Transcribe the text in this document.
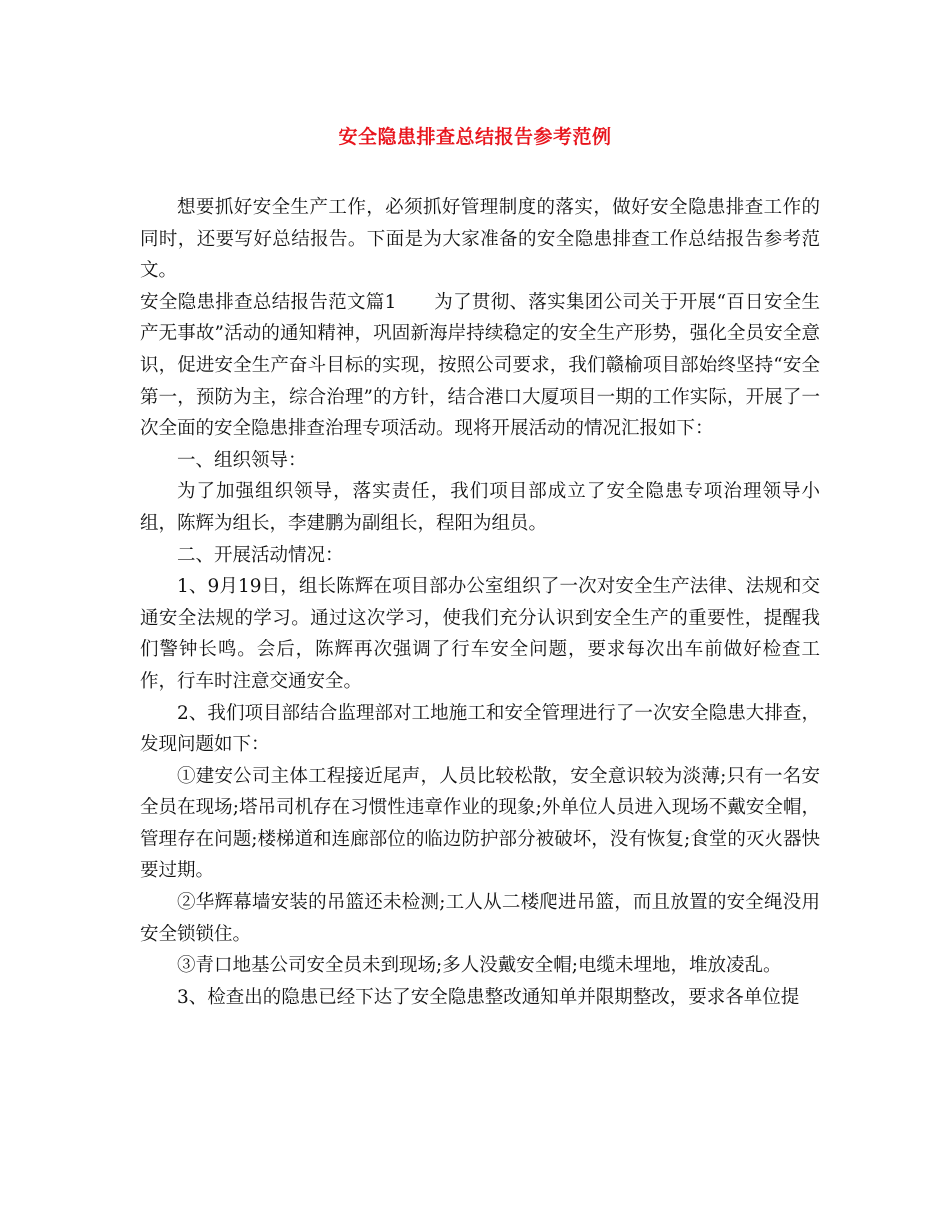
安全隐患排查总结报告参考范例

想要抓好安全生产工作，必须抓好管理制度的落实，做好安全隐患排查工作的同时，还要写好总结报告。下面是为大家准备的安全隐患排查工作总结报告参考范文。

安全隐患排查总结报告范文篇1　　为了贯彻、落实集团公司关于开展“百日安全生产无事故”活动的通知精神，巩固新海岸持续稳定的安全生产形势，强化全员安全意识，促进安全生产奋斗目标的实现，按照公司要求，我们赣榆项目部始终坚持“安全第一，预防为主，综合治理”的方针，结合港口大厦项目一期的工作实际，开展了一次全面的安全隐患排查治理专项活动。现将开展活动的情况汇报如下：

一、组织领导：

为了加强组织领导，落实责任，我们项目部成立了安全隐患专项治理领导小组，陈辉为组长，李建鹏为副组长，程阳为组员。

二、开展活动情况：

1、9月19日，组长陈辉在项目部办公室组织了一次对安全生产法律、法规和交通安全法规的学习。通过这次学习，使我们充分认识到安全生产的重要性，提醒我们警钟长鸣。会后，陈辉再次强调了行车安全问题，要求每次出车前做好检查工作，行车时注意交通安全。

2、我们项目部结合监理部对工地施工和安全管理进行了一次安全隐患大排查，发现问题如下：

①建安公司主体工程接近尾声，人员比较松散，安全意识较为淡薄;只有一名安全员在现场;塔吊司机存在习惯性违章作业的现象;外单位人员进入现场不戴安全帽，管理存在问题;楼梯道和连廊部位的临边防护部分被破坏，没有恢复;食堂的灭火器快要过期。

②华辉幕墙安装的吊篮还未检测;工人从二楼爬进吊篮，而且放置的安全绳没用安全锁锁住。

③青口地基公司安全员未到现场;多人没戴安全帽;电缆未埋地，堆放凌乱。

3、检查出的隐患已经下达了安全隐患整改通知单并限期整改，要求各单位提
